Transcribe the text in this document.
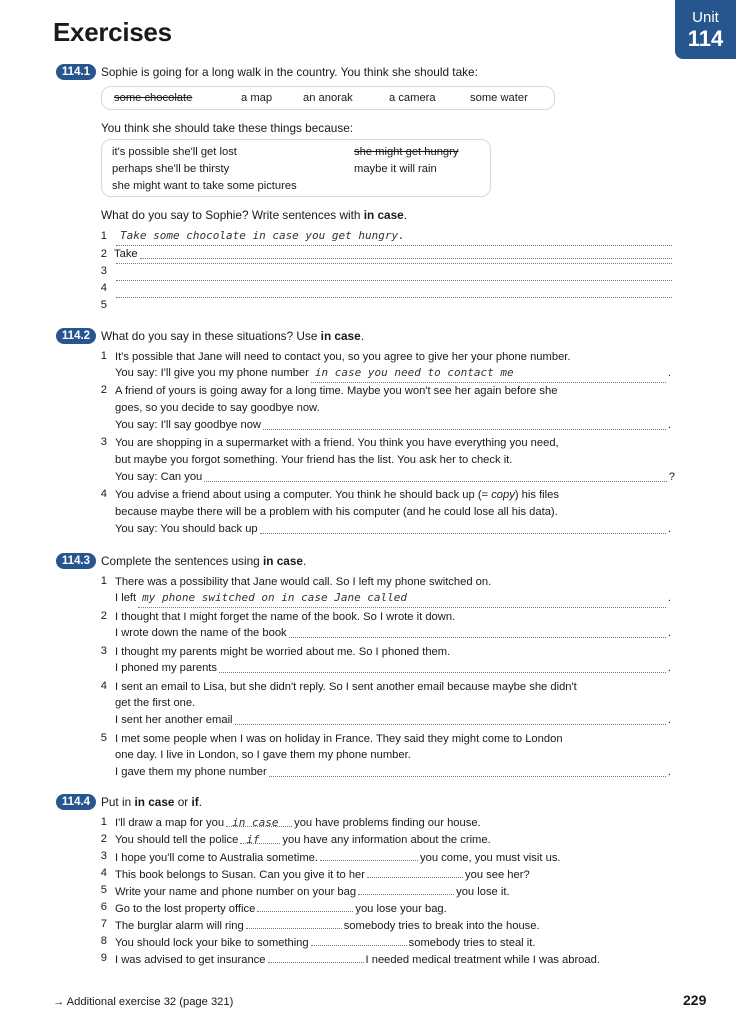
Exercises	Unit
114
114.1 Sophie is going for a long walk in the country. You think she should take:
some chocolate	a map	an anorak	a camera	some water
You think she should take these things because:
it's possible she'll get lost	she might get hungry
perhaps she'll be thirsty	maybe it will rain
she might want to take some pictures
What do you say to Sophie? Write sentences with in case.
1	Take some chocolate in case you get hungry.
2 Take
3
4
5
114.2 What do you say in these situations? Use in case.
1 It's possible that Jane will need to contact you, so you agree to give her your phone number.
You say: I'll give you my phone number in case you need to contact me	.
2 A friend of yours is going away for a long time. Maybe you won't see her again before she
goes, so you decide to say goodbye now.
You say: I'll say goodbye now	.
3 You are shopping in a supermarket with a friend. You think you have everything you need,
but maybe you forgot something. Your friend has the list. You ask her to check it.
You say: Can you	?
4 You advise a friend about using a computer. You think he should back up (= copy) his files
because maybe there will be a problem with his computer (and he could lose all his data).
You say: You should back up	.
114.3 Complete the sentences using in case.
1 There was a possibility that Jane would call. So I left my phone switched on.
I left my phone switched on in case Jane called	.
2 I thought that I might forget the name of the book. So I wrote it down.
I wrote down the name of the book	.
3 I thought my parents might be worried about me. So I phoned them.
I phoned my parents	.
4 I sent an email to Lisa, but she didn't reply. So I sent another email because maybe she didn't
get the first one.
I sent her another email	.
5 I met some people when I was on holiday in France. They said they might come to London
one day. I live in London, so I gave them my phone number.
I gave them my phone number	.
114.4 Put in in case or if.
1 I'll draw a map for you in case you have problems finding our house.
2 You should tell the police if you have any information about the crime.
3 I hope you'll come to Australia sometime.	you come, you must visit us.
4 This book belongs to Susan. Can you give it to her	you see her?
5 Write your name and phone number on your bag	you lose it.
6 Go to the lost property office	you lose your bag.
7 The burglar alarm will ring	somebody tries to break into the house.
8 You should lock your bike to something	somebody tries to steal it.
9 I was advised to get insurance	I needed medical treatment while I was abroad.
→ Additional exercise 32 (page 321)	229
